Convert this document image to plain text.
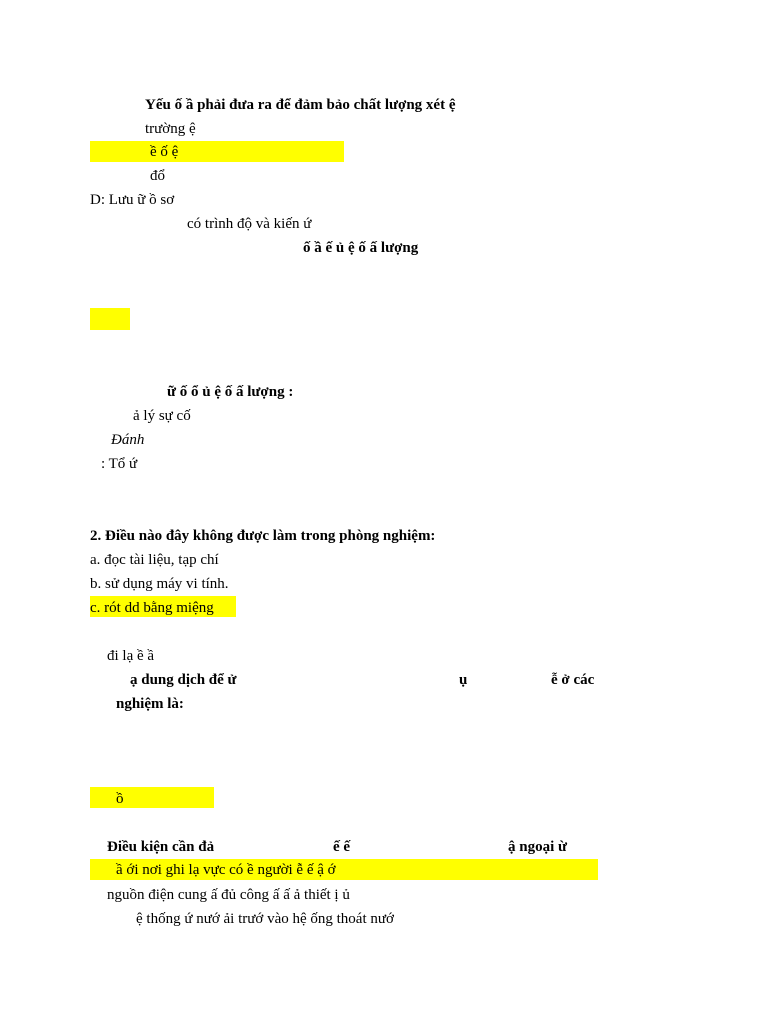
Yếu ố ầ phải đưa ra để đảm bảo chất lượng xét ệ
trường ệ
ề ố ệ
đổ
D: Lưu ữ ồ sơ
có trình độ và kiến ứ
ố ầ ế ủ ệ ố ấ lượng
ữ ố ổ ủ ệ ố ấ lượng :
ả lý sự cố
Đánh
: Tổ ứ
2. Điều nào đây không được làm trong phòng nghiệm:
a. đọc tài liệu, tạp chí
b. sử dụng máy vi tính.
c. rót dd bằng miệng
đi lạ ề ầ
ạ dung dịch để ử	ụ	ễ ở các
nghiệm là:
ồ
Điều kiện cần đả	ế ế	ậ ngoại ừ
ầ ới nơi ghi lạ vực có ề người ễ ế ậ ớ
nguồn điện cung ấ đủ công ấ ấ ả thiết ị ủ
ệ thống ứ nướ ải trướ vào hệ ống thoát nướ
